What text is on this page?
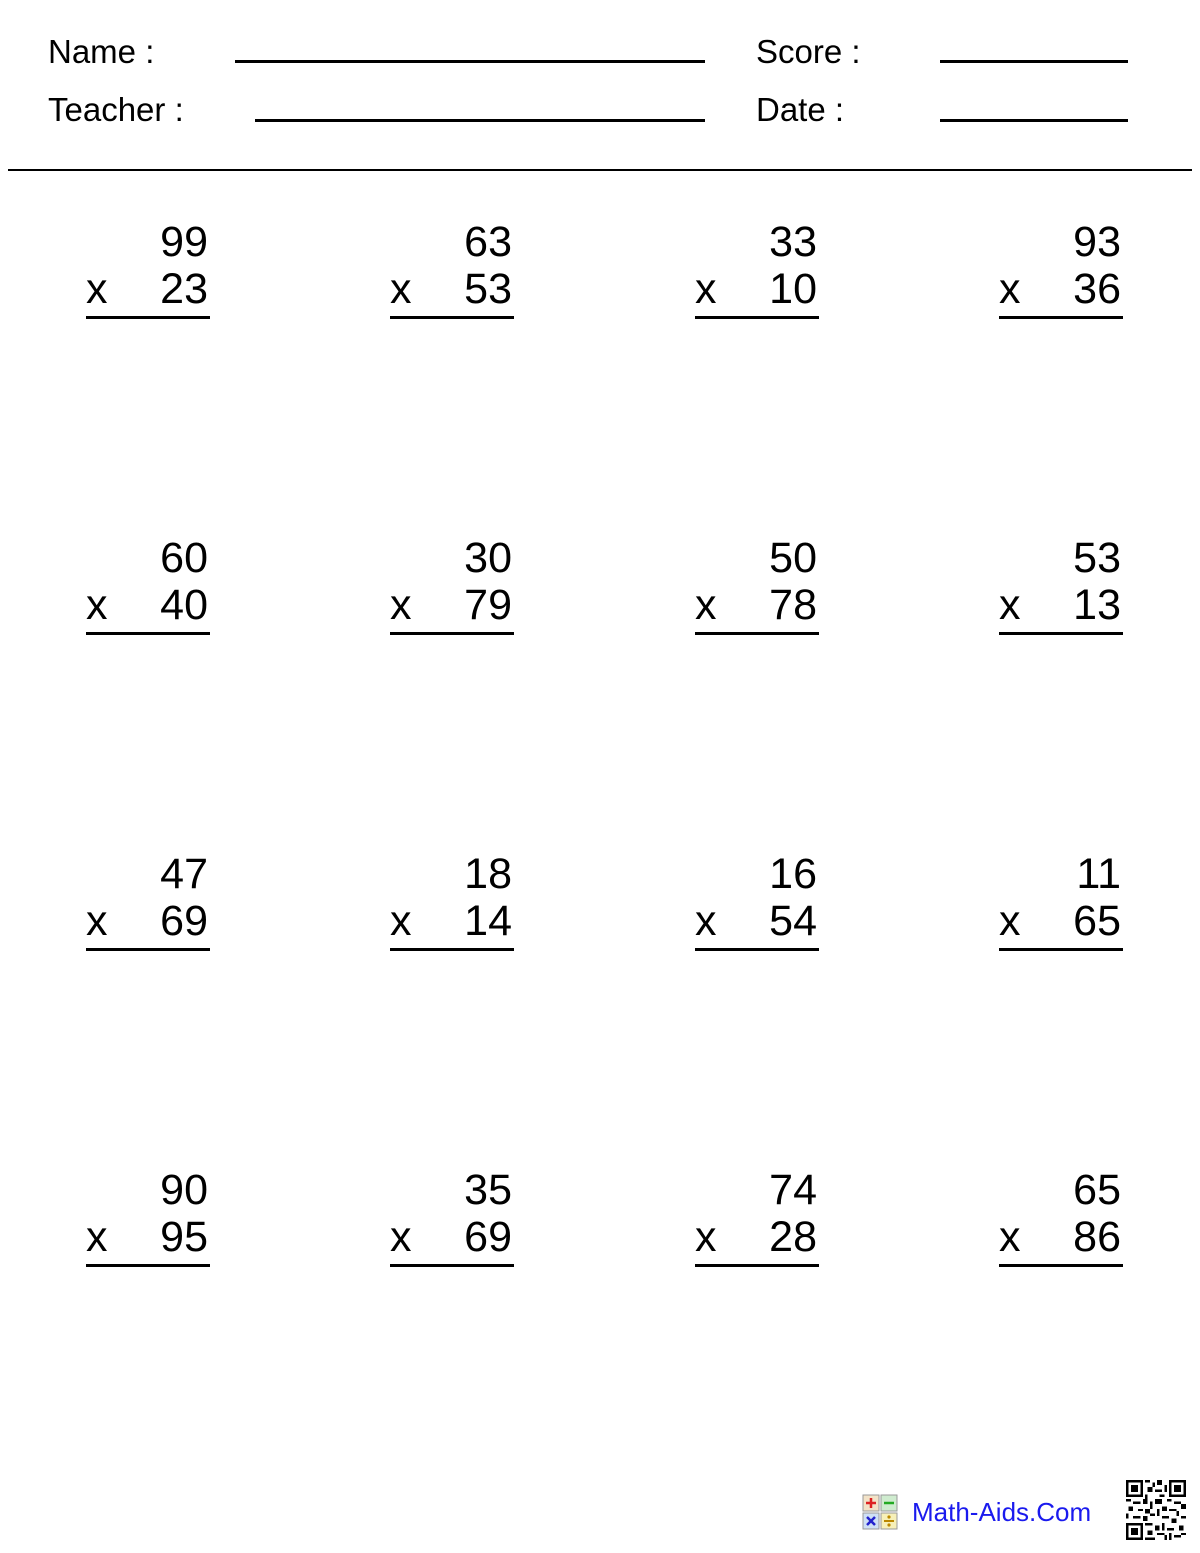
Name :
Teacher :
Score :
Date :
99
x 23
63
x 53
33
x 10
93
x 36
60
x 40
30
x 79
50
x 78
53
x 13
47
x 69
18
x 14
16
x 54
11
x 65
90
x 95
35
x 69
74
x 28
65
x 86
Math-Aids.Com
